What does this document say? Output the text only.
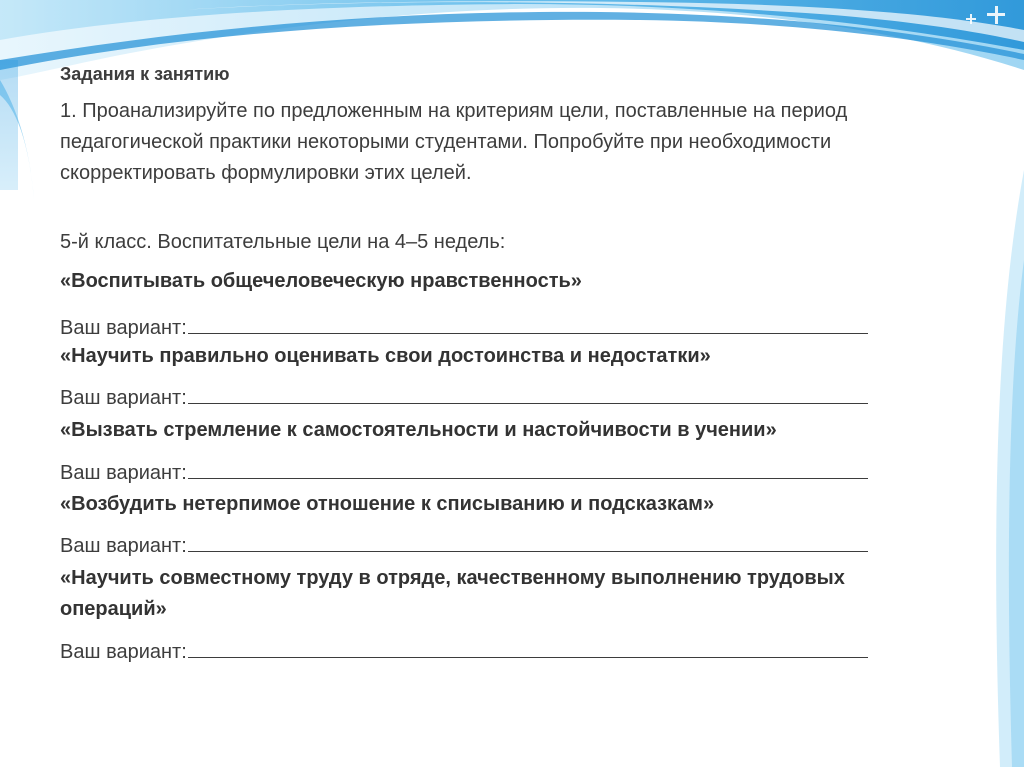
Задания к занятию
1. Проанализируйте по предложенным на критериям цели, поставленные на период педагогической практики некоторыми студентами. Попробуйте при необходимости скорректировать формулировки этих целей.
5-й класс. Воспитательные цели на 4–5 недель:
«Воспитывать общечеловеческую нравственность»
Ваш вариант:
«Научить правильно оценивать свои достоинства и недостатки»
Ваш вариант:
«Вызвать стремление к самостоятельности и настойчивости в учении»
Ваш вариант:
«Возбудить нетерпимое отношение к списыванию и подсказкам»
Ваш вариант:
«Научить совместному труду в отряде, качественному выполнению трудовых операций»
Ваш вариант:
